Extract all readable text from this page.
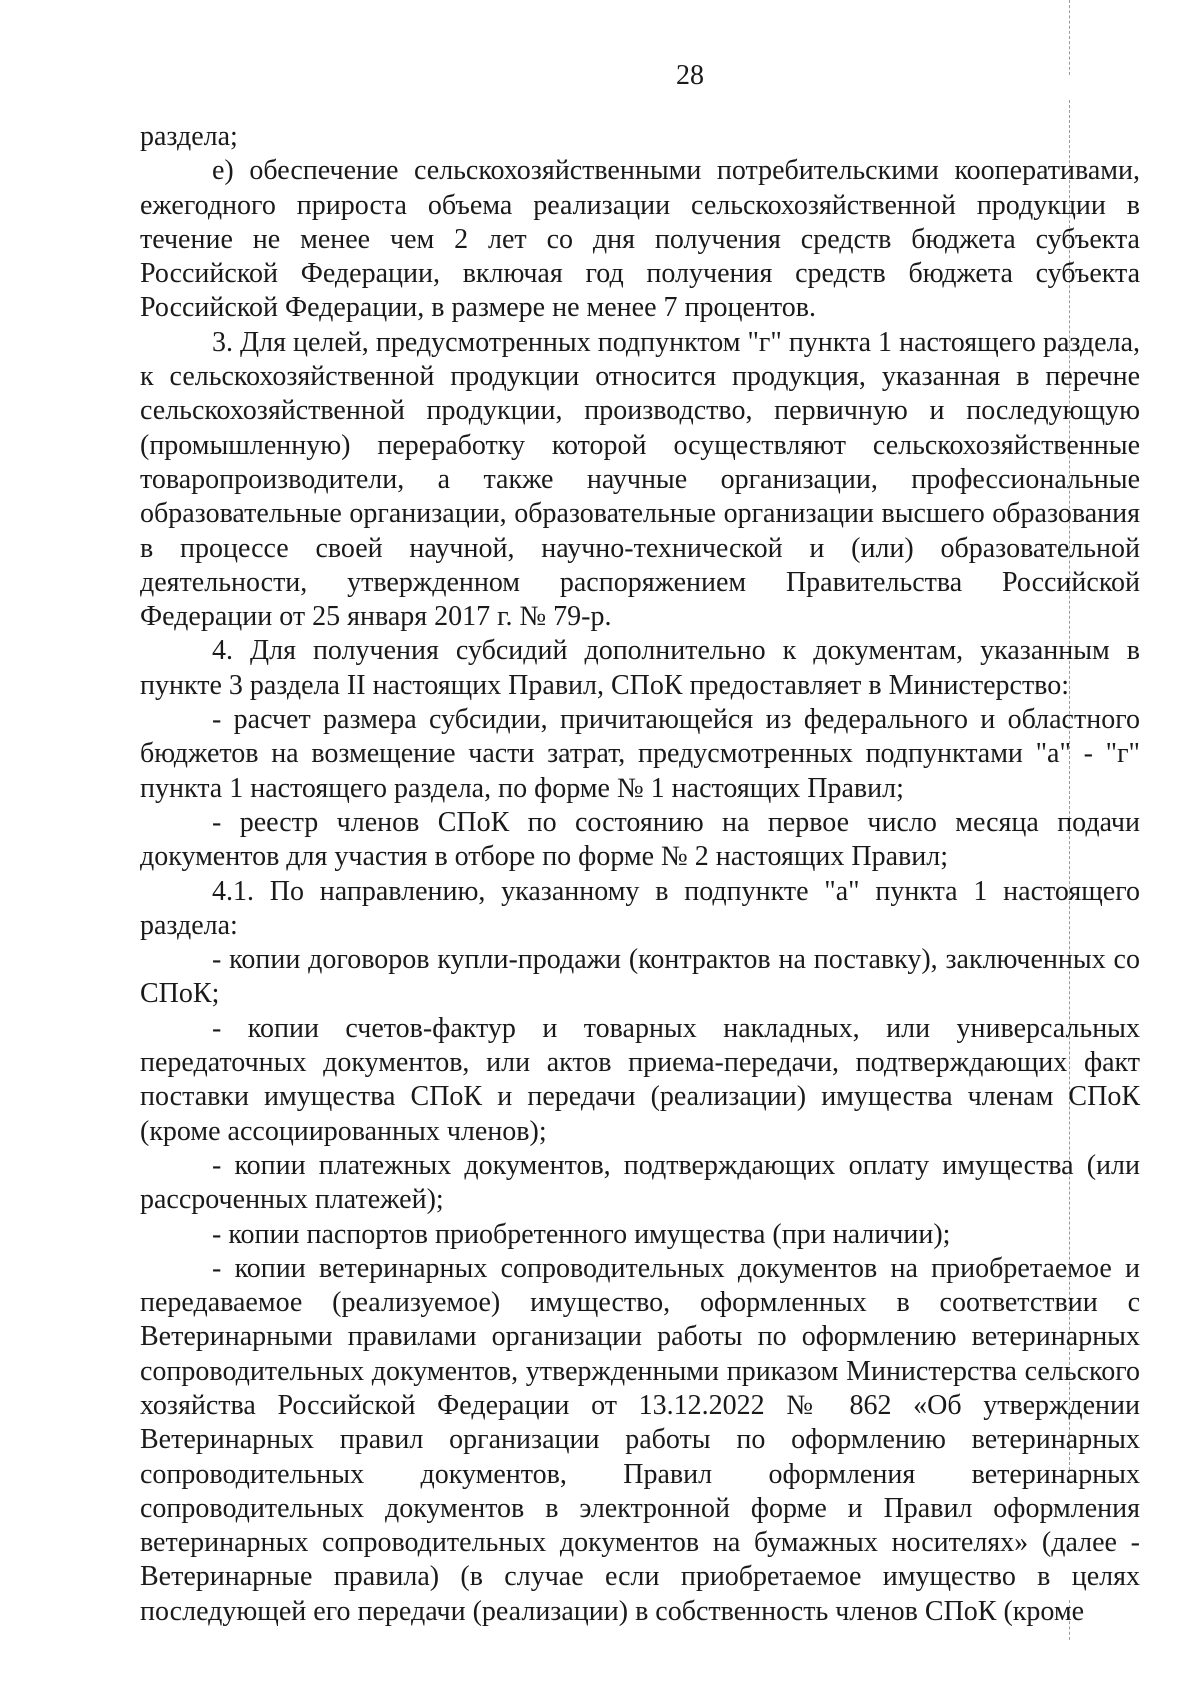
28

раздела;

е) обеспечение сельскохозяйственными потребительскими кооперативами, ежегодного прироста объема реализации сельскохозяйственной продукции в течение не менее чем 2 лет со дня получения средств бюджета субъекта Российской Федерации, включая год получения средств бюджета субъекта Российской Федерации, в размере не менее 7 процентов.

3. Для целей, предусмотренных подпунктом "г" пункта 1 настоящего раздела, к сельскохозяйственной продукции относится продукция, указанная в перечне сельскохозяйственной продукции, производство, первичную и последующую (промышленную) переработку которой осуществляют сельскохозяйственные товаропроизводители, а также научные организации, профессиональные образовательные организации, образовательные организации высшего образования в процессе своей научной, научно-технической и (или) образовательной деятельности, утвержденном распоряжением Правительства Российской Федерации от 25 января 2017 г. № 79-р.

4. Для получения субсидий дополнительно к документам, указанным в пункте 3 раздела II настоящих Правил, СПоК предоставляет в Министерство:

- расчет размера субсидии, причитающейся из федерального и областного бюджетов на возмещение части затрат, предусмотренных подпунктами "а" - "г" пункта 1 настоящего раздела, по форме № 1 настоящих Правил;

- реестр членов СПоК по состоянию на первое число месяца подачи документов для участия в отборе по форме № 2 настоящих Правил;

4.1. По направлению, указанному в подпункте "а" пункта 1 настоящего раздела:

- копии договоров купли-продажи (контрактов на поставку), заключенных со СПоК;

- копии счетов-фактур и товарных накладных, или универсальных передаточных документов, или актов приема-передачи, подтверждающих факт поставки имущества СПоК и передачи (реализации) имущества членам СПоК (кроме ассоциированных членов);

- копии платежных документов, подтверждающих оплату имущества (или рассроченных платежей);

- копии паспортов приобретенного имущества (при наличии);

- копии ветеринарных сопроводительных документов на приобретаемое и передаваемое (реализуемое) имущество, оформленных в соответствии с Ветеринарными правилами организации работы по оформлению ветеринарных сопроводительных документов, утвержденными приказом Министерства сельского хозяйства Российской Федерации от 13.12.2022 № 862 «Об утверждении Ветеринарных правил организации работы по оформлению ветеринарных сопроводительных документов, Правил оформления ветеринарных сопроводительных документов в электронной форме и Правил оформления ветеринарных сопроводительных документов на бумажных носителях» (далее - Ветеринарные правила) (в случае если приобретаемое имущество в целях последующей его передачи (реализации) в собственность членов СПоК (кроме
